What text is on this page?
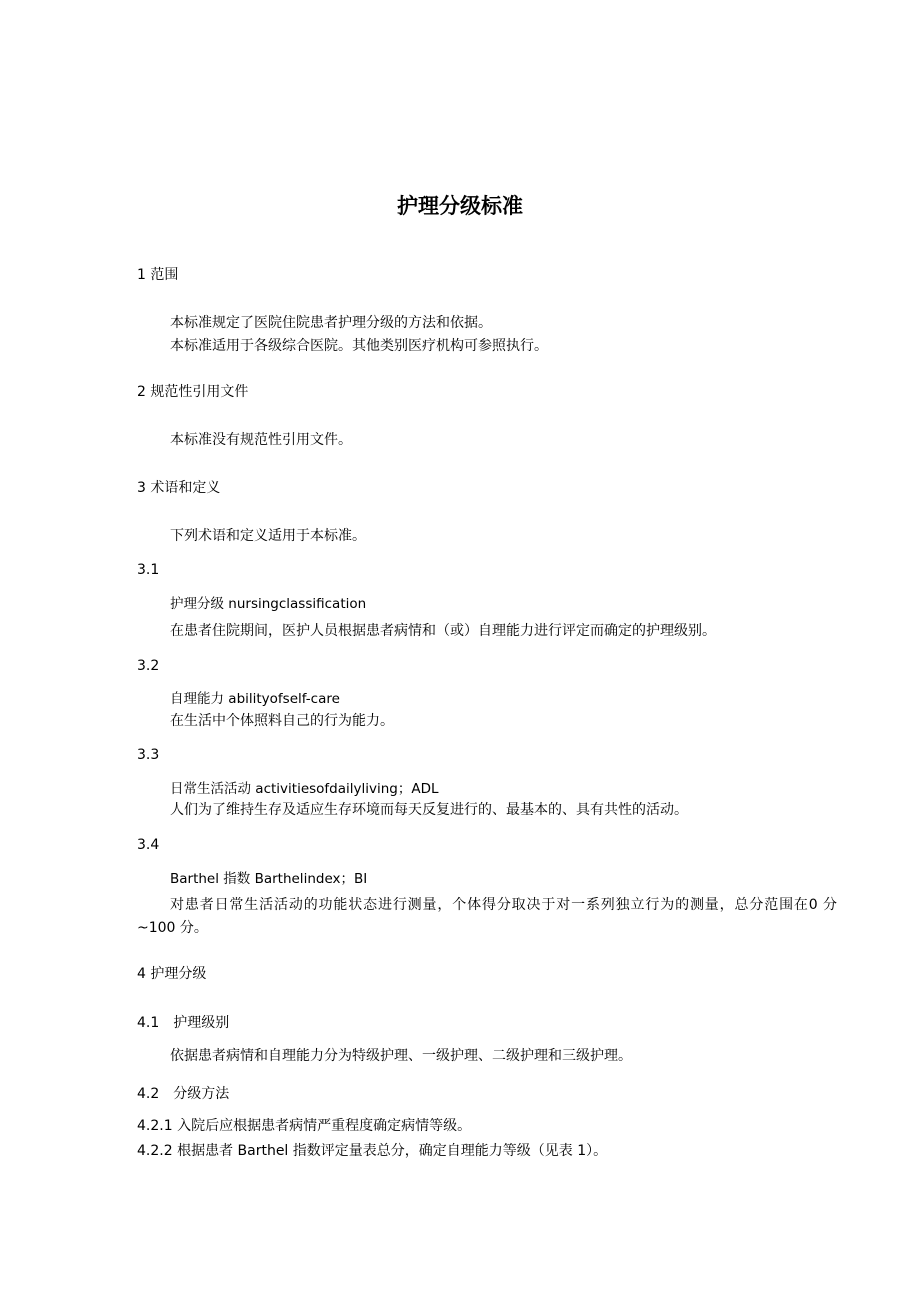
护理分级标准
1 范围
本标准规定了医院住院患者护理分级的方法和依据。
本标准适用于各级综合医院。其他类别医疗机构可参照执行。
2 规范性引用文件
本标准没有规范性引用文件。
3 术语和定义
下列术语和定义适用于本标准。
3.1
护理分级 nursingclassification
在患者住院期间，医护人员根据患者病情和（或）自理能力进行评定而确定的护理级别。
3.2
自理能力 abilityofself-care
在生活中个体照料自己的行为能力。
3.3
日常生活活动 activitiesofdailyliving；ADL
人们为了维持生存及适应生存环境而每天反复进行的、最基本的、具有共性的活动。
3.4
Barthel 指数 Barthelindex；BI
对患者日常生活活动的功能状态进行测量，个体得分取决于对一系列独立行为的测量，总分范围在0 分~100 分。
4 护理分级
4.1　护理级别
依据患者病情和自理能力分为特级护理、一级护理、二级护理和三级护理。
4.2　分级方法
4.2.1 入院后应根据患者病情严重程度确定病情等级。
4.2.2 根据患者 Barthel 指数评定量表总分，确定自理能力等级（见表 1）。
